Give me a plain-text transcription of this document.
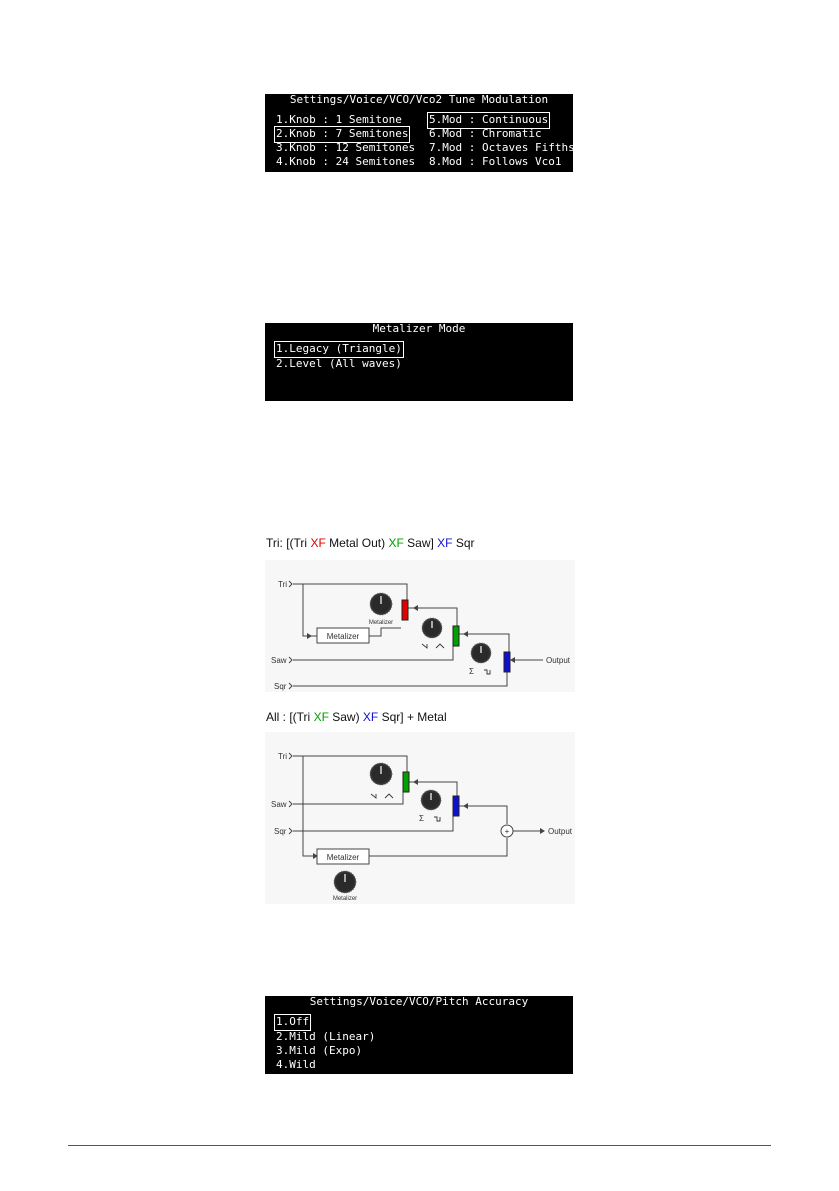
Settings/Voice/VCO/Vco2 Tune Modulation
1.Knob : 1 Semitone
2.Knob : 7 Semitones
3.Knob : 12 Semitones
4.Knob : 24 Semitones
5.Mod : Continuous
6.Mod : Chromatic
7.Mod : Octaves Fifths
8.Mod : Follows Vco1
Metalizer Mode
1.Legacy (Triangle)
2.Level (All waves)
Tri: [(Tri XF Metal Out) XF Saw] XF Sqr
Tri
Saw
Sqr
Output
Metalizer
Metalizer
Σ
All : [(Tri XF Saw) XF Sqr] + Metal
Tri
Saw
Sqr	Output
+
Metalizer
Σ
Metalizer
Settings/Voice/VCO/Pitch Accuracy
1.Off
2.Mild (Linear)
3.Mild (Expo)
4.Wild
